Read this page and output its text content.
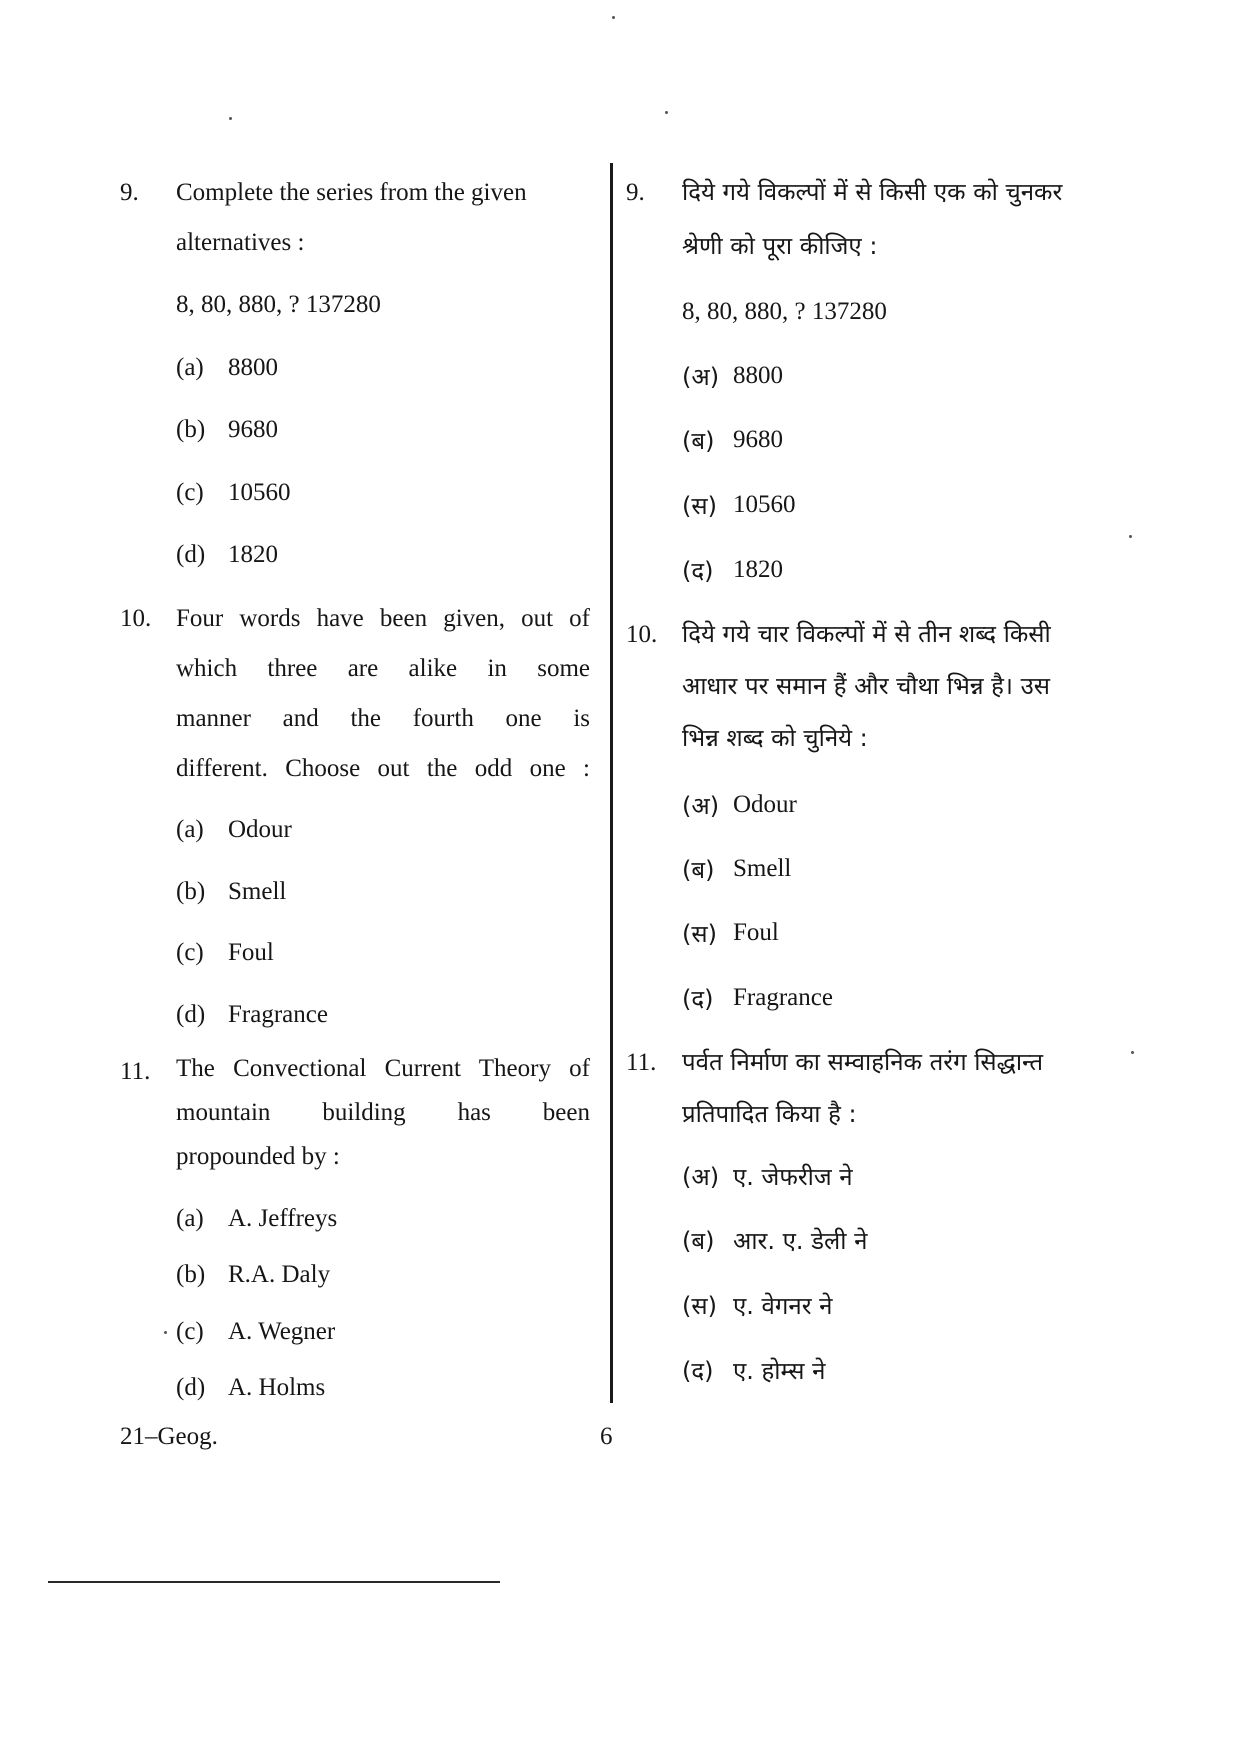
9. Complete the series from the given
alternatives :
8, 80, 880, ? 137280
(a) 8800
(b) 9680
(c) 10560
(d) 1820
10. Four words have been given, out of
which three are alike in some
manner and the fourth one is
different. Choose out the odd one :
(a) Odour
(b) Smell
(c) Foul
(d) Fragrance
11. The Convectional Current Theory of
mountain building has been
propounded by :
(a) A. Jeffreys
(b) R.A. Daly
(c) A. Wegner
(d) A. Holms
9. दिये गये विकल्पों में से किसी एक को चुनकर
श्रेणी को पूरा कीजिए :
8, 80, 880, ? 137280
(अ) 8800
(ब) 9680
(स) 10560
(द) 1820
10. दिये गये चार विकल्पों में से तीन शब्द किसी
आधार पर समान हैं और चौथा भिन्न है। उस
भिन्न शब्द को चुनिये :
(अ) Odour
(ब) Smell
(स) Foul
(द) Fragrance
11. पर्वत निर्माण का सम्वाहनिक तरंग सिद्धान्त
प्रतिपादित किया है :
(अ) ए. जेफरीज ने
(ब) आर. ए. डेली ने
(स) ए. वेगनर ने
(द) ए. होम्स ने
21–Geog.	6
